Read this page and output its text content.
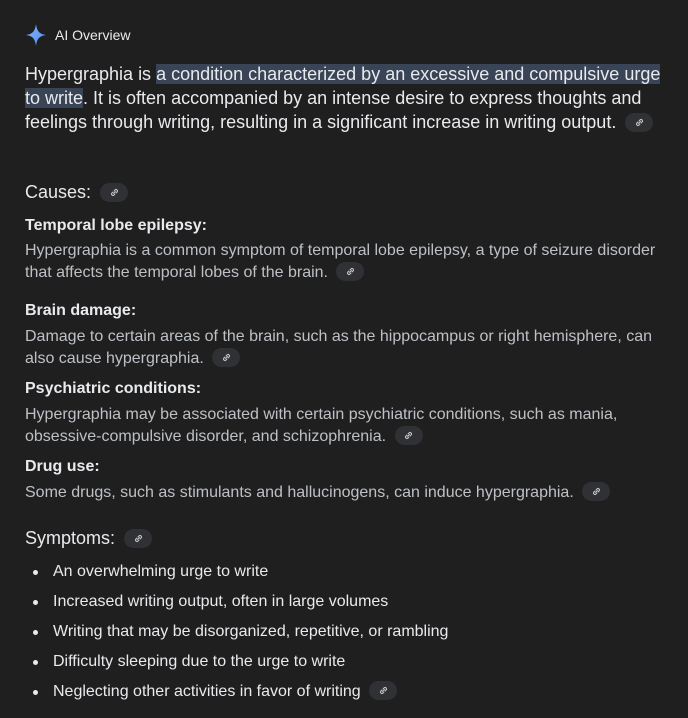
AI Overview
Hypergraphia is a condition characterized by an excessive and compulsive urge to write. It is often accompanied by an intense desire to express thoughts and feelings through writing, resulting in a significant increase in writing output.
Causes:
Temporal lobe epilepsy:
Hypergraphia is a common symptom of temporal lobe epilepsy, a type of seizure disorder that affects the temporal lobes of the brain.
Brain damage:
Damage to certain areas of the brain, such as the hippocampus or right hemisphere, can also cause hypergraphia.
Psychiatric conditions:
Hypergraphia may be associated with certain psychiatric conditions, such as mania, obsessive-compulsive disorder, and schizophrenia.
Drug use:
Some drugs, such as stimulants and hallucinogens, can induce hypergraphia.
Symptoms:
An overwhelming urge to write
Increased writing output, often in large volumes
Writing that may be disorganized, repetitive, or rambling
Difficulty sleeping due to the urge to write
Neglecting other activities in favor of writing
